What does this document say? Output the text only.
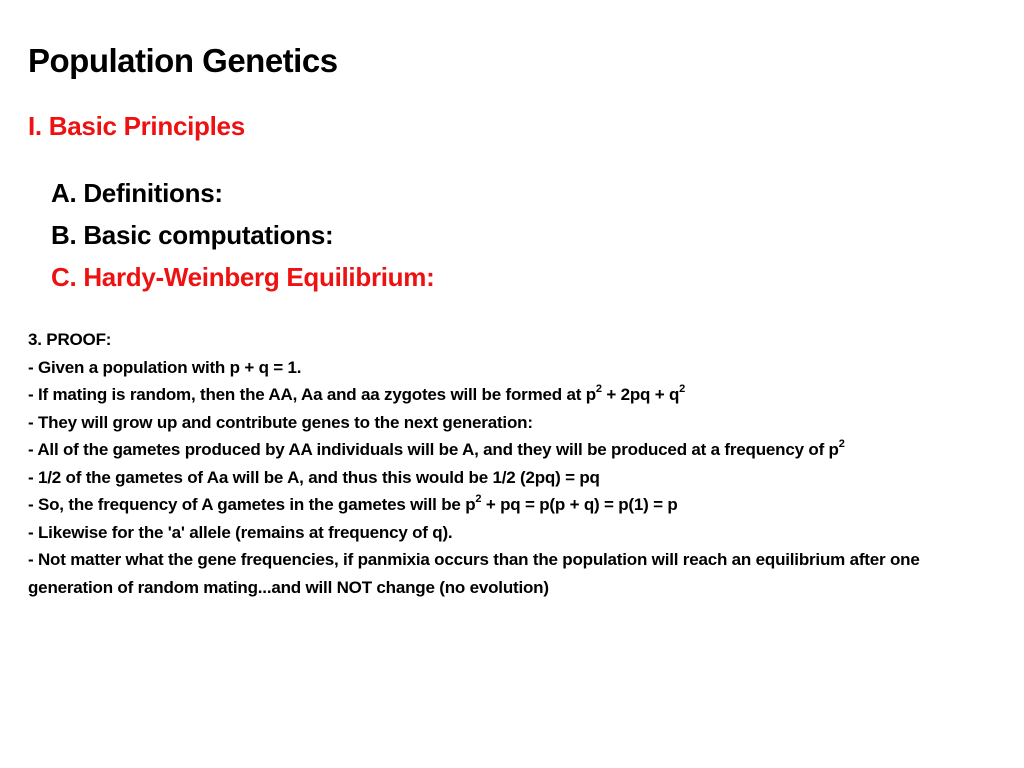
Population Genetics
I. Basic Principles
A. Definitions:
B. Basic computations:
C. Hardy-Weinberg Equilibrium:
3. PROOF:
- Given a population with p + q = 1.
- If mating is random, then the AA, Aa and aa zygotes will be formed at $p^2 + 2pq + q^2$
- They will grow up and contribute genes to the next generation:
- All of the gametes produced by AA individuals will be A, and they will be produced at a frequency of $p^2$
- 1/2 of the gametes of Aa will be A, and thus this would be 1/2 (2pq) = pq
- So, the frequency of A gametes in the gametes will be $p^2$ + pq = p(p + q) = p(1) = p
- Likewise for the 'a' allele (remains at frequency of q).
- Not matter what the gene frequencies, if panmixia occurs than the population will reach an equilibrium after one generation of random mating...and will NOT change (no evolution)
